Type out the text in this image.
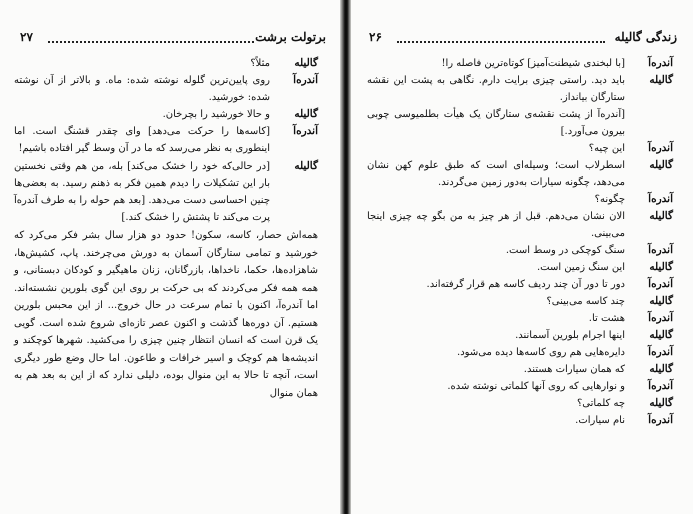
برتولت برشت
۲۷
گالیله
مثلاً؟
آندره‌آ
روی پایین‌ترین گلوله نوشته شده: ماه. و بالاتر از آن نوشته شده: خورشید.
گالیله
و حالا خورشید را بچرخان.
آندره‌آ
[کاسه‌ها را حرکت می‌دهد] وای چقدر قشنگ است. اما اینطوری به نظر می‌رسد که ما در آن وسط گیر افتاده باشیم!
گالیله
[در حالی‌که خود را خشک می‌کند] بله، من هم وقتی نخستین بار این تشکیلات را دیدم همین فکر به ذهنم رسید. به بعضی‌ها چنین احساسی دست می‌دهد. [بعد هم حوله را به طرف آندره‌آ پرت می‌کند تا پشتش را خشک کند.]
همه‌اش حصار، کاسه، سکون! حدود دو هزار سال بشر فکر می‌کرد که خورشید و تمامی ستارگان آسمان به دورش می‌چرخند. پاپ، کشیش‌ها، شاهزاده‌ها، حکما، ناخداها، بازرگانان، زنان ماهیگیر و کودکان دبستانی، و همه همه فکر می‌کردند که بی حرکت بر روی این گوی بلورین نشسته‌اند. اما آندره‌آ، اکنون با تمام سرعت در حال خروج... از این محبس بلورین هستیم. آن دوره‌ها گذشت و اکنون عصر تازه‌ای شروع شده است. گویی یک قرن است که انسان انتظار چنین چیزی را می‌کشید. شهرها کوچکند و اندیشه‌ها هم کوچک و اسیر خرافات و طاعون. اما حال وضع طور دیگری است، آنچه تا حالا به این منوال بوده، دلیلی ندارد که از این به بعد هم به همان منوال
زندگی گالیله
۲۶
آندره‌آ
[با لبخندی شیطنت‌آمیز] کوتاه‌ترین فاصله را!
گالیله
باید دید. راستی چیزی برایت دارم. نگاهی به پشت این نقشه ستارگان بیانداز.
[آندره‌آ از پشت نقشه‌ی ستارگان یک هیأت بطلمیوسی چوبی بیرون می‌آورد.]
آندره‌آ
این چیه؟
گالیله
اسطرلاب است؛ وسیله‌ای است که طبق علوم کهن نشان می‌دهد، چگونه سیارات به‌دور زمین می‌گردند.
آندره‌آ
چگونه؟
گالیله
الان نشان می‌دهم. قبل از هر چیز به من بگو چه چیزی اینجا می‌بینی.
آندره‌آ
سنگ کوچکی در وسط است.
گالیله
این سنگ زمین است.
آندره‌آ
دور تا دور آن چند ردیف کاسه هم قرار گرفته‌اند.
گالیله
چند کاسه می‌بینی؟
آندره‌آ
هشت تا.
گالیله
اینها اجرام بلورین آسمانند.
آندره‌آ
دایره‌هایی هم روی کاسه‌ها دیده می‌شود.
گالیله
که همان سیارات هستند.
آندره‌آ
و نوارهایی که روی آنها کلماتی نوشته شده.
گالیله
چه کلماتی؟
آندره‌آ
نام سیارات.
